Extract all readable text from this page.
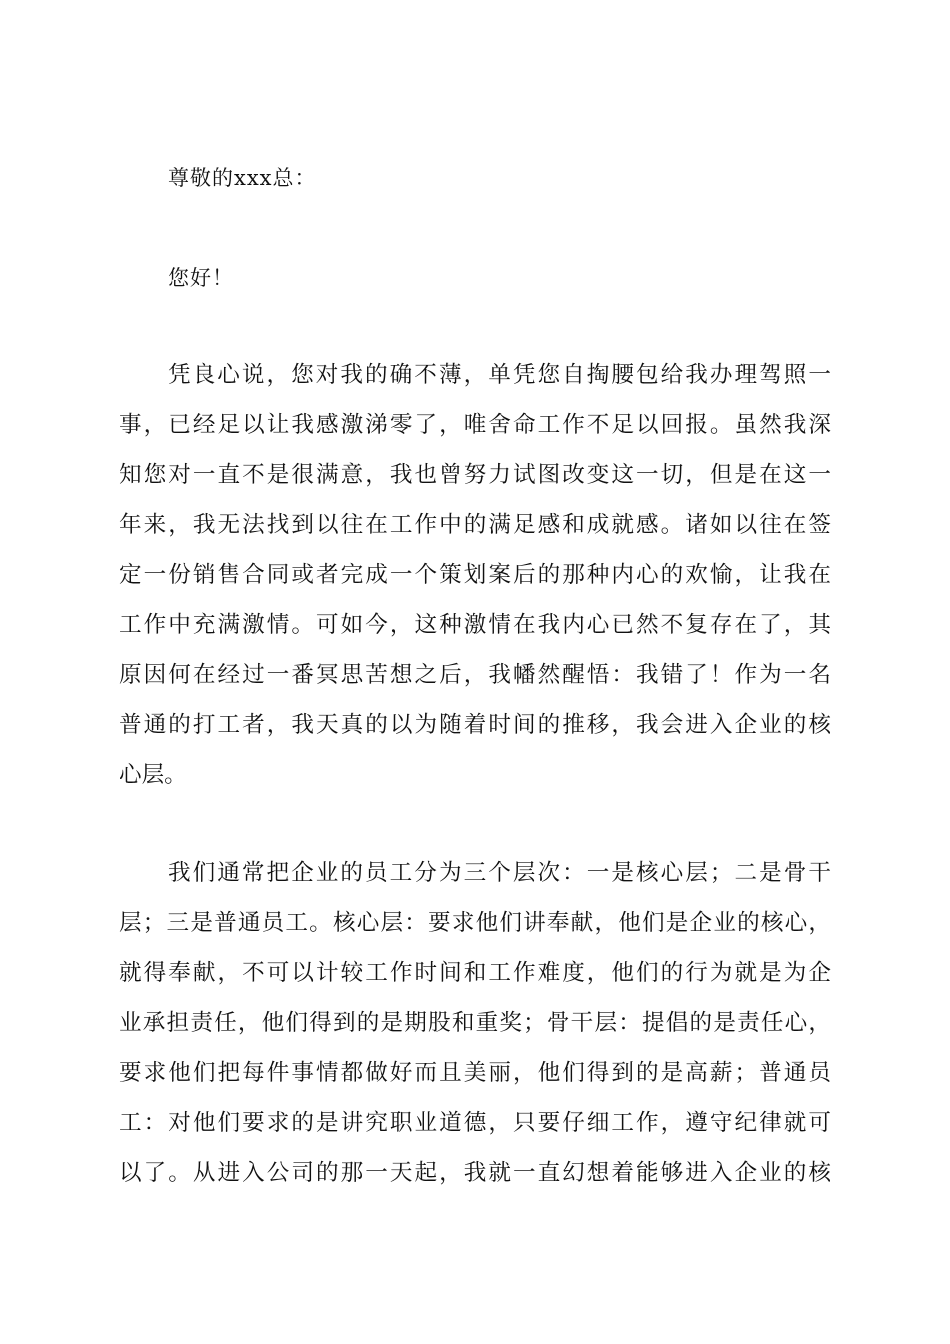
尊敬的xxx总：
您好！
凭良心说，您对我的确不薄，单凭您自掏腰包给我办理驾照一
事，已经足以让我感激涕零了，唯舍命工作不足以回报。虽然我深
知您对一直不是很满意，我也曾努力试图改变这一切，但是在这一
年来，我无法找到以往在工作中的满足感和成就感。诸如以往在签
定一份销售合同或者完成一个策划案后的那种内心的欢愉，让我在
工作中充满激情。可如今，这种激情在我内心已然不复存在了，其
原因何在经过一番冥思苦想之后，我幡然醒悟：我错了！作为一名
普通的打工者，我天真的以为随着时间的推移，我会进入企业的核
心层。
我们通常把企业的员工分为三个层次：一是核心层；二是骨干
层；三是普通员工。核心层：要求他们讲奉献，他们是企业的核心，
就得奉献，不可以计较工作时间和工作难度，他们的行为就是为企
业承担责任，他们得到的是期股和重奖；骨干层：提倡的是责任心，
要求他们把每件事情都做好而且美丽，他们得到的是高薪；普通员
工：对他们要求的是讲究职业道德，只要仔细工作，遵守纪律就可
以了。从进入公司的那一天起，我就一直幻想着能够进入企业的核
